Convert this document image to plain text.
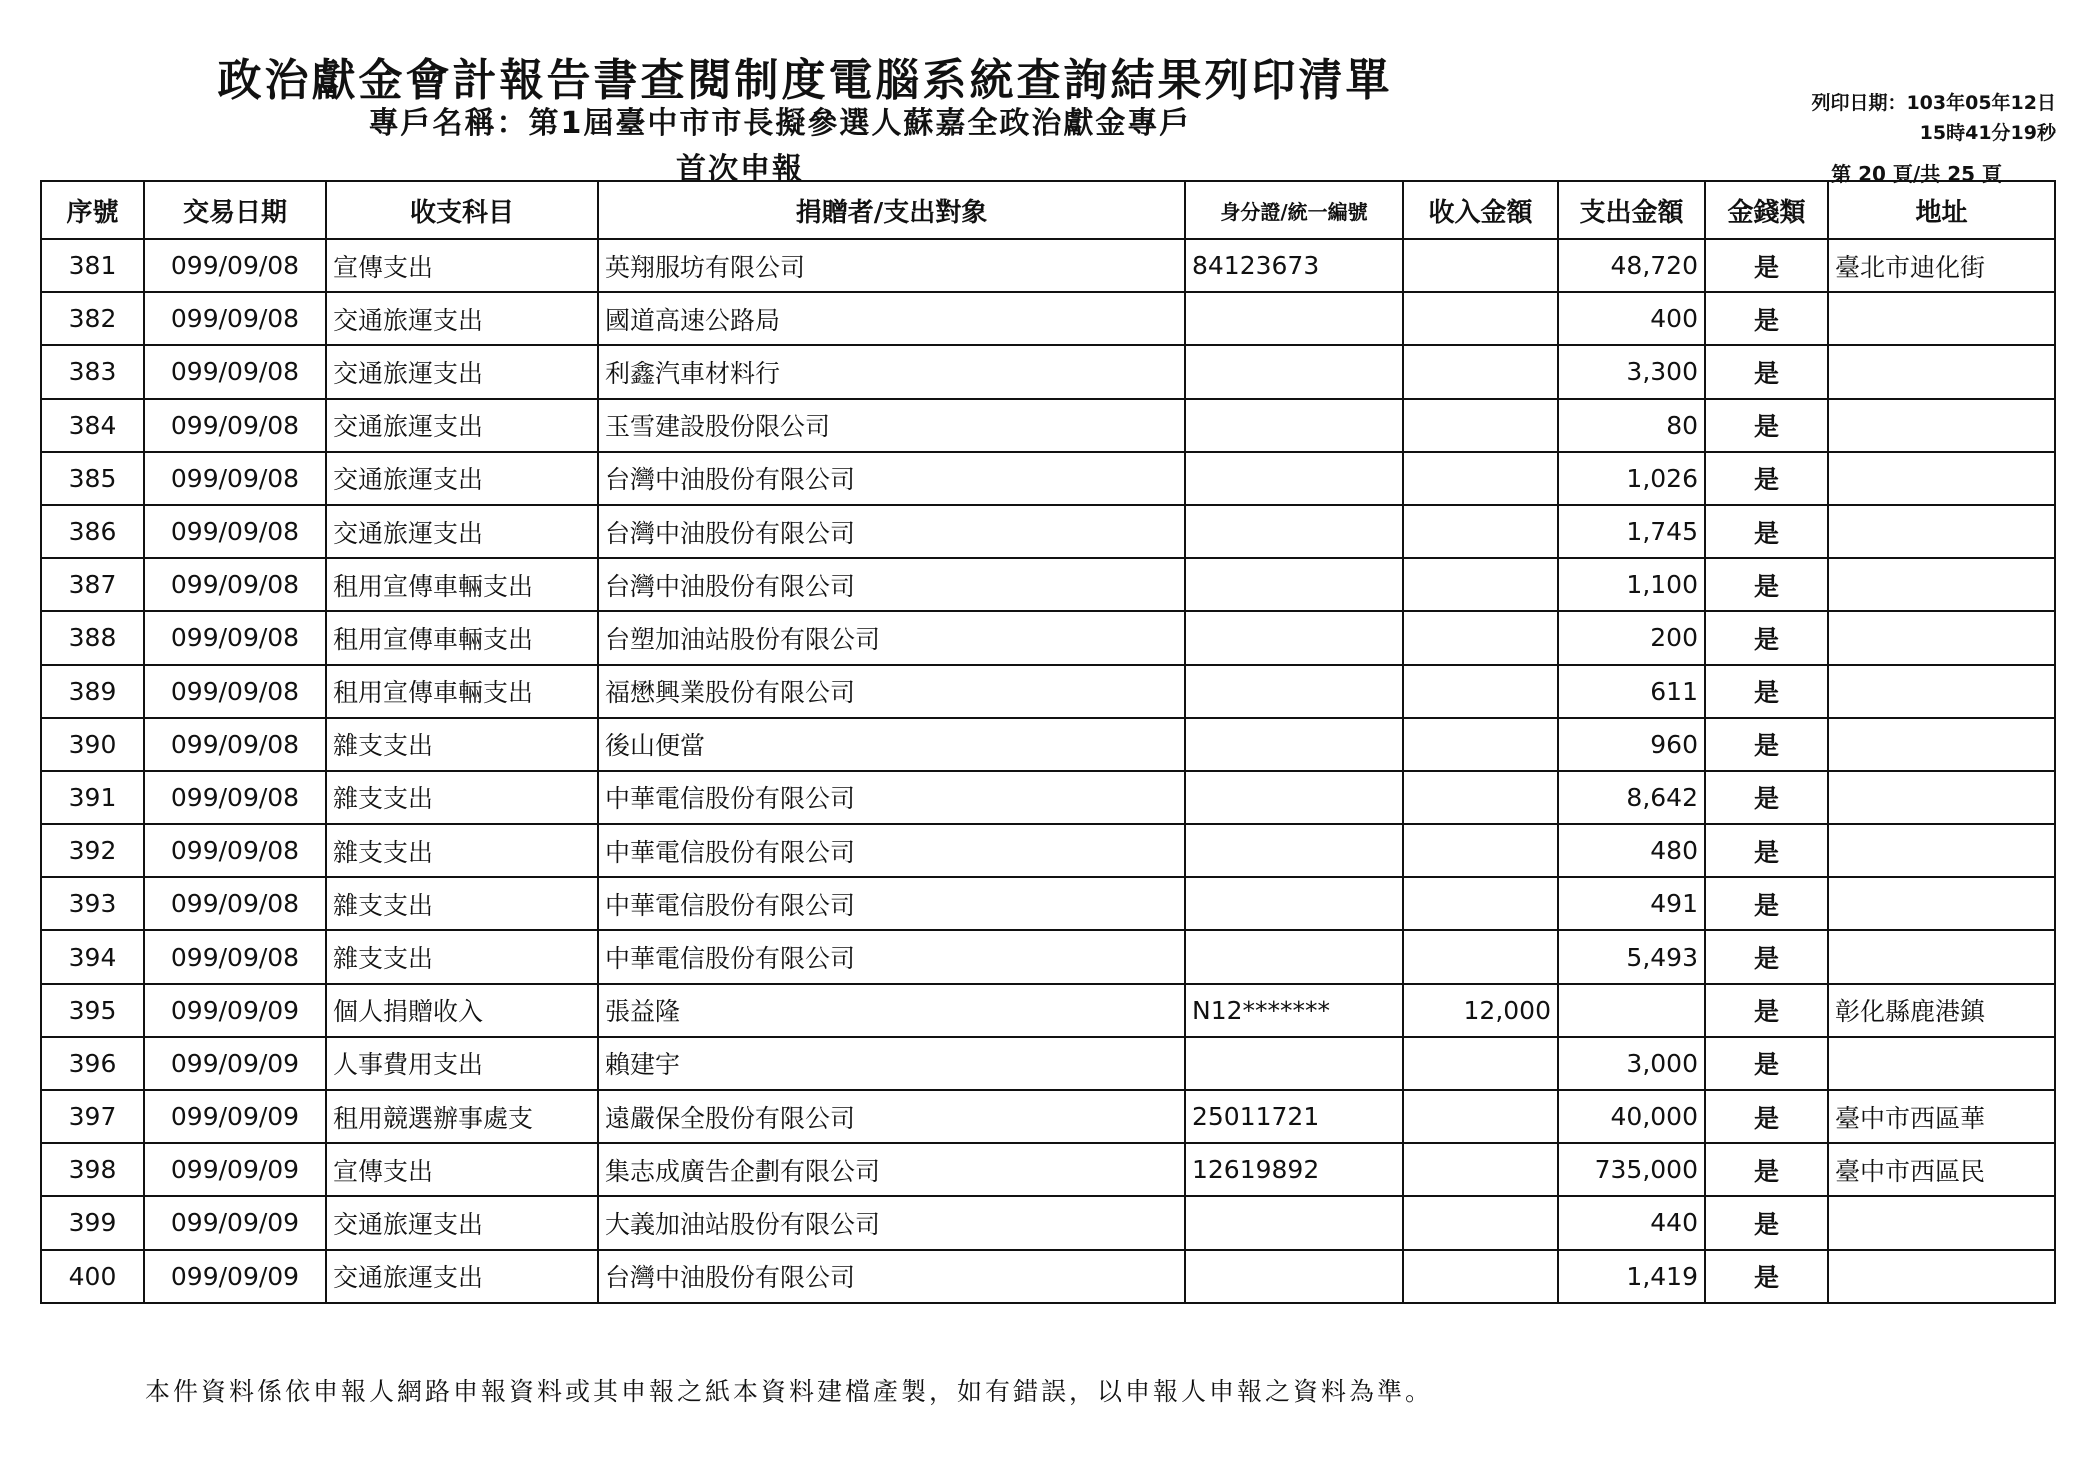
政治獻金會計報告書查閱制度電腦系統查詢結果列印清單
專戶名稱：第1屆臺中市市長擬參選人蘇嘉全政治獻金專戶
首次申報
列印日期：103年05年12日
15時41分19秒
第 20 頁/共 25 頁
序號	交易日期	收支科目	捐贈者/支出對象	身分證/統一編號	收入金額	支出金額	金錢類	地址
381	099/09/08	宣傳支出	英翔服坊有限公司	84123673		48,720	是	臺北市迪化街
382	099/09/08	交通旅運支出	國道高速公路局			400	是	
383	099/09/08	交通旅運支出	利鑫汽車材料行			3,300	是	
384	099/09/08	交通旅運支出	玉雪建設股份限公司			80	是	
385	099/09/08	交通旅運支出	台灣中油股份有限公司			1,026	是	
386	099/09/08	交通旅運支出	台灣中油股份有限公司			1,745	是	
387	099/09/08	租用宣傳車輛支出	台灣中油股份有限公司			1,100	是	
388	099/09/08	租用宣傳車輛支出	台塑加油站股份有限公司			200	是	
389	099/09/08	租用宣傳車輛支出	福懋興業股份有限公司			611	是	
390	099/09/08	雜支支出	後山便當			960	是	
391	099/09/08	雜支支出	中華電信股份有限公司			8,642	是	
392	099/09/08	雜支支出	中華電信股份有限公司			480	是	
393	099/09/08	雜支支出	中華電信股份有限公司			491	是	
394	099/09/08	雜支支出	中華電信股份有限公司			5,493	是	
395	099/09/09	個人捐贈收入	張益隆	N12*******	12,000		是	彰化縣鹿港鎮
396	099/09/09	人事費用支出	賴建宇			3,000	是	
397	099/09/09	租用競選辦事處支	遠嚴保全股份有限公司	25011721		40,000	是	臺中市西區華
398	099/09/09	宣傳支出	集志成廣告企劃有限公司	12619892		735,000	是	臺中市西區民
399	099/09/09	交通旅運支出	大義加油站股份有限公司			440	是	
400	099/09/09	交通旅運支出	台灣中油股份有限公司			1,419	是	
本件資料係依申報人網路申報資料或其申報之紙本資料建檔產製，如有錯誤，以申報人申報之資料為準。
